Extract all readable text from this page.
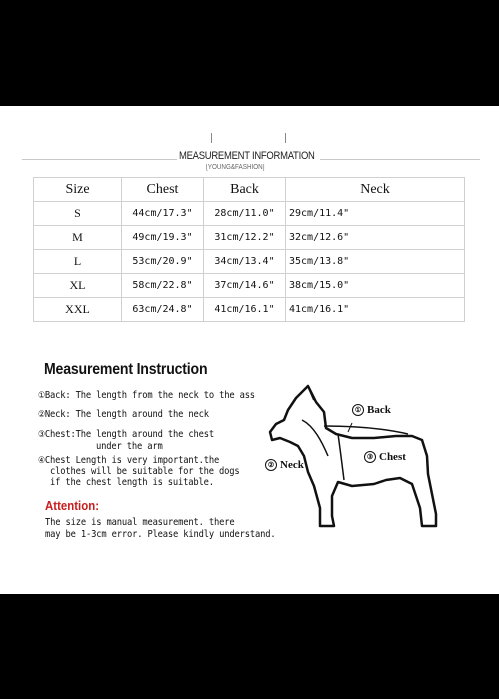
MEASUREMENT INFORMATION
[YOUNG&FASHION]
Size	Chest	Back	Neck
S	44cm/17.3"	28cm/11.0"	29cm/11.4"
M	49cm/19.3"	31cm/12.2"	32cm/12.6"
L	53cm/20.9"	34cm/13.4"	35cm/13.8"
XL	58cm/22.8"	37cm/14.6"	38cm/15.0"
XXL	63cm/24.8"	41cm/16.1"	41cm/16.1"
Measurement Instruction
①Back: The length from the neck to the ass
②Neck: The length around the neck
③Chest:The length around the chest
under the arm
④Chest Length is very important.the
clothes will be suitable for the dogs
if the chest length is suitable.
Attention:
The size is manual measurement. there
may be 1-3cm error. Please kindly understand.
① Back
③ Chest
② Neck
